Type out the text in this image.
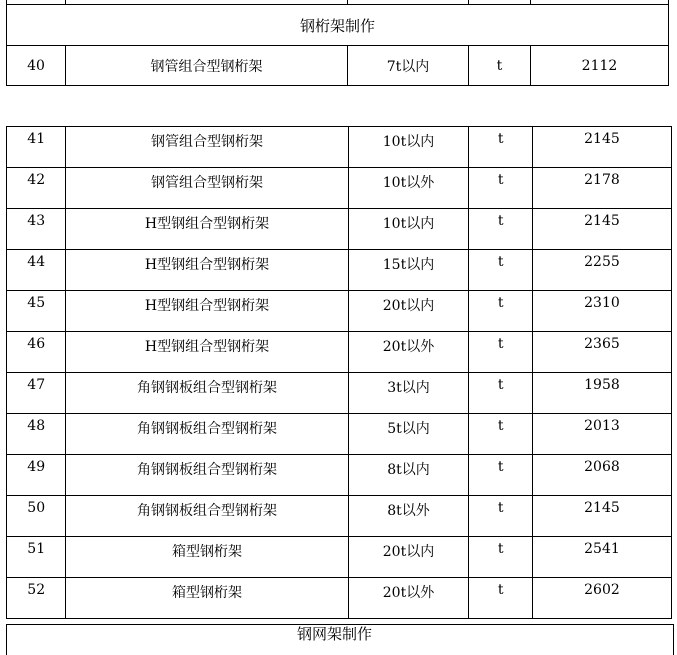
钢桁架制作				
40	钢管组合型钢桁架	7t以内	t	2112
41	钢管组合型钢桁架	10t以内	t	2145
42	钢管组合型钢桁架	10t以外	t	2178
43	H型钢组合型钢桁架	10t以内	t	2145
44	H型钢组合型钢桁架	15t以内	t	2255
45	H型钢组合型钢桁架	20t以内	t	2310
46	H型钢组合型钢桁架	20t以外	t	2365
47	角钢钢板组合型钢桁架	3t以内	t	1958
48	角钢钢板组合型钢桁架	5t以内	t	2013
49	角钢钢板组合型钢桁架	8t以内	t	2068
50	角钢钢板组合型钢桁架	8t以外	t	2145
51	箱型钢桁架	20t以内	t	2541
52	箱型钢桁架	20t以外	t	2602
钢网架制作
